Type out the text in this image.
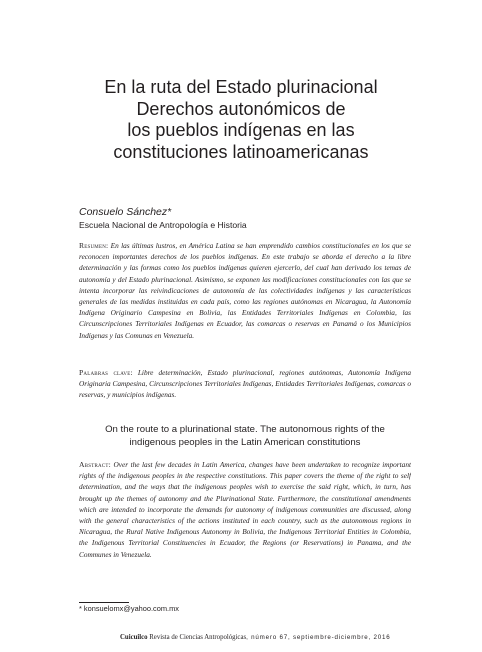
En la ruta del Estado plurinacional
Derechos autonómicos de
los pueblos indígenas en las
constituciones latinoamericanas
Consuelo Sánchez*
Escuela Nacional de Antropología e Historia

Resumen: En las últimas lustros, en América Latina se han emprendido cambios constitucionales en los que se reconocen importantes derechos de los pueblos indígenas. En este trabajo se aborda el derecho a la libre determinación y las formas como los pueblos indígenas quieren ejercerlo, del cual han derivado los temas de autonomía y del Estado plurinacional. Asimismo, se exponen las modificaciones constitucionales con las que se intenta incorporar las reivindicaciones de autonomía de las colectividades indígenas y las características generales de las medidas instituidas en cada país, como las regiones autónomas en Nicaragua, la Autonomía Indígena Originario Campesina en Bolivia, las Entidades Territoriales Indígenas en Colombia, las Circunscripciones Territoriales Indígenas en Ecuador, las comarcas o reservas en Panamá o los Municipios Indígenas y las Comunas en Venezuela.

Palabras clave: Libre determinación, Estado plurinacional, regiones autónomas, Autonomía Indígena Originaria Campesina, Circunscripciones Territoriales Indígenas, Entidades Territoriales Indígenas, comarcas o reservas, y municipios indígenas.

On the route to a plurinational state. The autonomous rights of the
indigenous peoples in the Latin American constitutions

Abstract: Over the last few decades in Latin America, changes have been undertaken to recognize important rights of the indigenous peoples in the respective constitutions. This paper covers the theme of the right to self determination, and the ways that the indigenous peoples wish to exercise the said right, which, in turn, has brought up the themes of autonomy and the Plurinational State. Furthermore, the constitutional amendments which are intended to incorporate the demands for autonomy of indigenous communities are discussed, along with the general characteristics of the actions instituted in each country, such as the autonomous regions in Nicaragua, the Rural Native Indigenous Autonomy in Bolivia, the Indigenous Territorial Entities in Colombia, the Indigenous Territorial Constituencies in Ecuador, the Regions (or Reservations) in Panama, and the Communes in Venezuela.

* konsuelomx@yahoo.com.mx
Cuicuilco Revista de Ciencias Antropológicas, número 67, septiembre-diciembre, 2016
